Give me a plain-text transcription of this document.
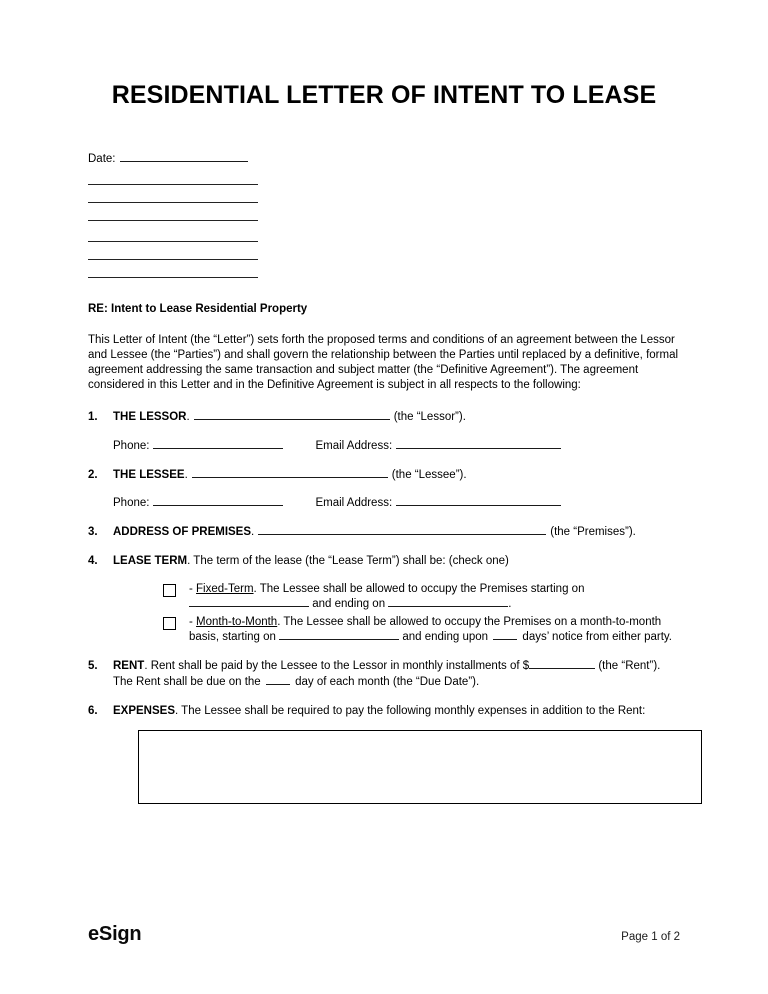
RESIDENTIAL LETTER OF INTENT TO LEASE
Date:
RE: Intent to Lease Residential Property

This Letter of Intent (the “Letter”) sets forth the proposed terms and conditions of an agreement between the Lessor and Lessee (the “Parties”) and shall govern the relationship between the Parties until replaced by a definitive, formal agreement addressing the same transaction and subject matter (the “Definitive Agreement”). The agreement considered in this Letter and in the Definitive Agreement is subject in all respects to the following:

1.	THE LESSOR.	(the “Lessor”).
Phone:	Email Address:
2.	THE LESSEE.	(the “Lessee”).
Phone:	Email Address:
3.	ADDRESS OF PREMISES.	(the “Premises”).
4.	LEASE TERM. The term of the lease (the “Lease Term”) shall be: (check one)
- Fixed-Term. The Lessee shall be allowed to occupy the Premises starting on  and ending on	.
- Month-to-Month. The Lessee shall be allowed to occupy the Premises on a month-to-month basis, starting on	and ending upon  days’ notice from either party.
5.	RENT. Rent shall be paid by the Lessee to the Lessor in monthly installments of $	(the “Rent”). The Rent shall be due on the  day of each month (the “Due Date”).
6.	EXPENSES. The Lessee shall be required to pay the following monthly expenses in addition to the Rent:
eSign	Page 1 of 2
